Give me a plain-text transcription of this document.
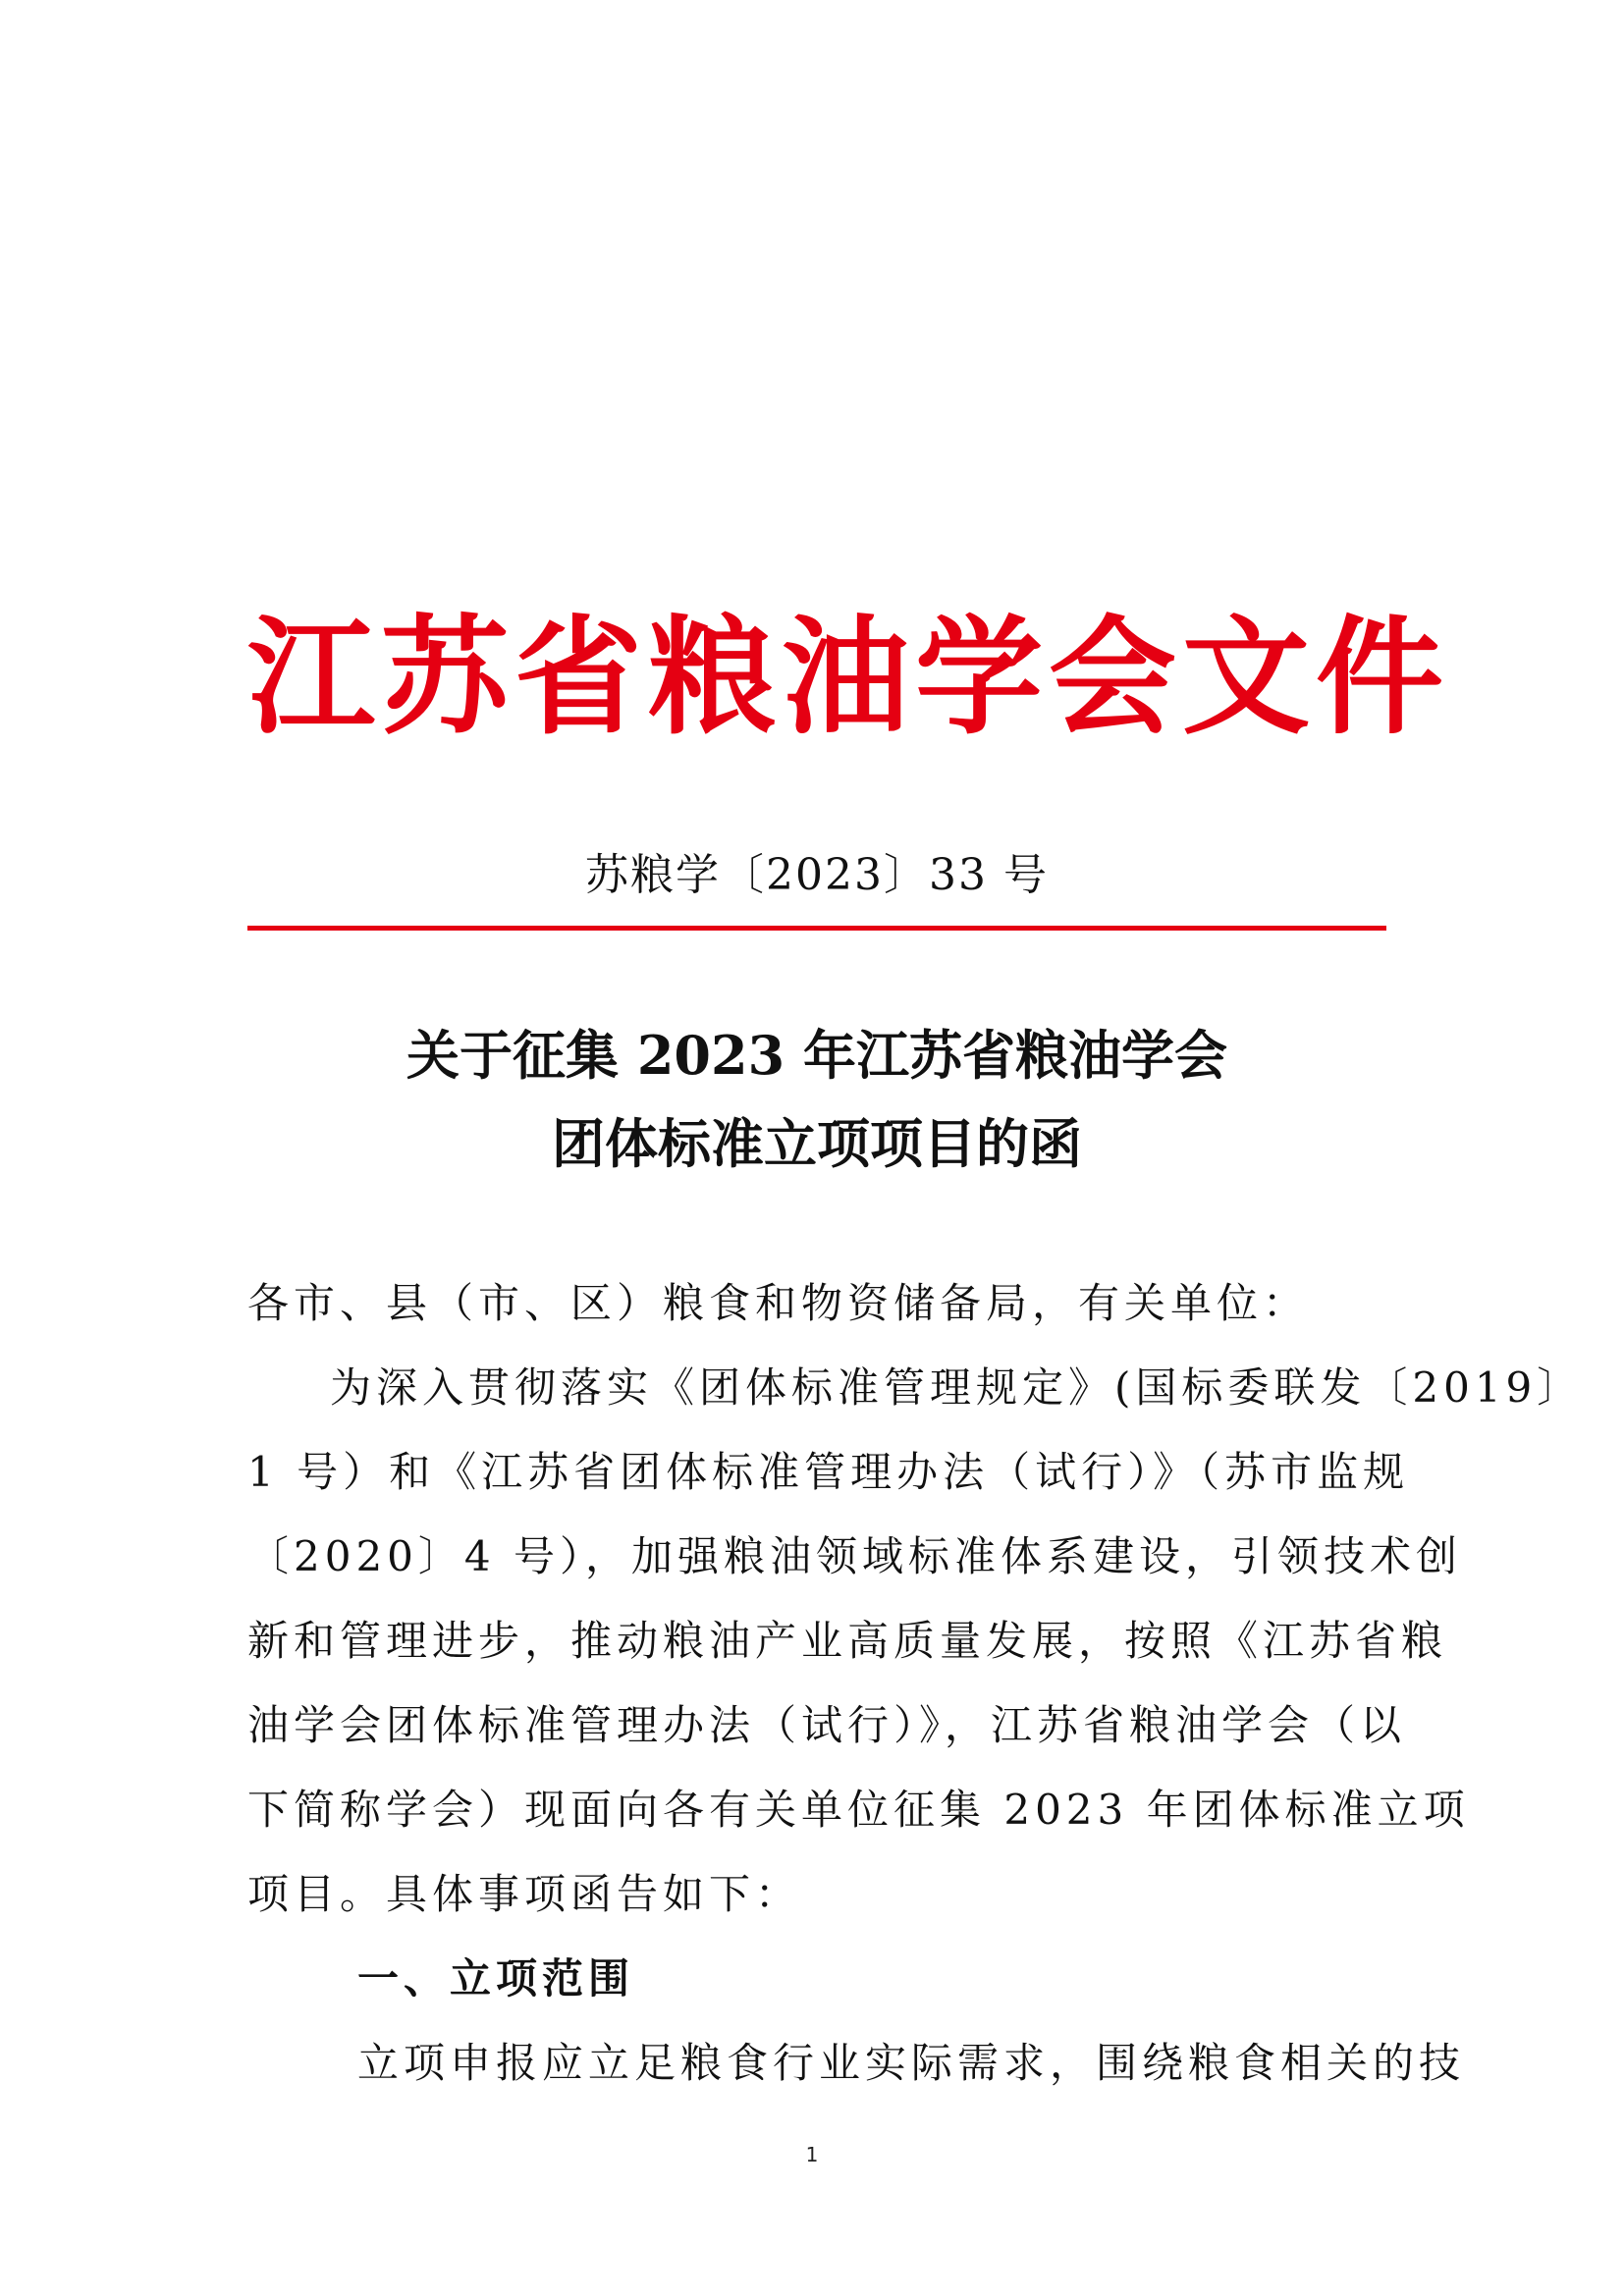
江苏省粮油学会文件
苏粮学〔2023〕33 号
关于征集 2023 年江苏省粮油学会
团体标准立项项目的函
各市、县（市、区）粮食和物资储备局，有关单位：
为深入贯彻落实《团体标准管理规定》(国标委联发〔2019〕
1 号）和《江苏省团体标准管理办法（试行）》（苏市监规
〔2020〕4 号），加强粮油领域标准体系建设，引领技术创
新和管理进步，推动粮油产业高质量发展，按照《江苏省粮
油学会团体标准管理办法（试行）》，江苏省粮油学会（以
下简称学会）现面向各有关单位征集 2023 年团体标准立项
项目。具体事项函告如下：
一、立项范围
立项申报应立足粮食行业实际需求，围绕粮食相关的技
1
